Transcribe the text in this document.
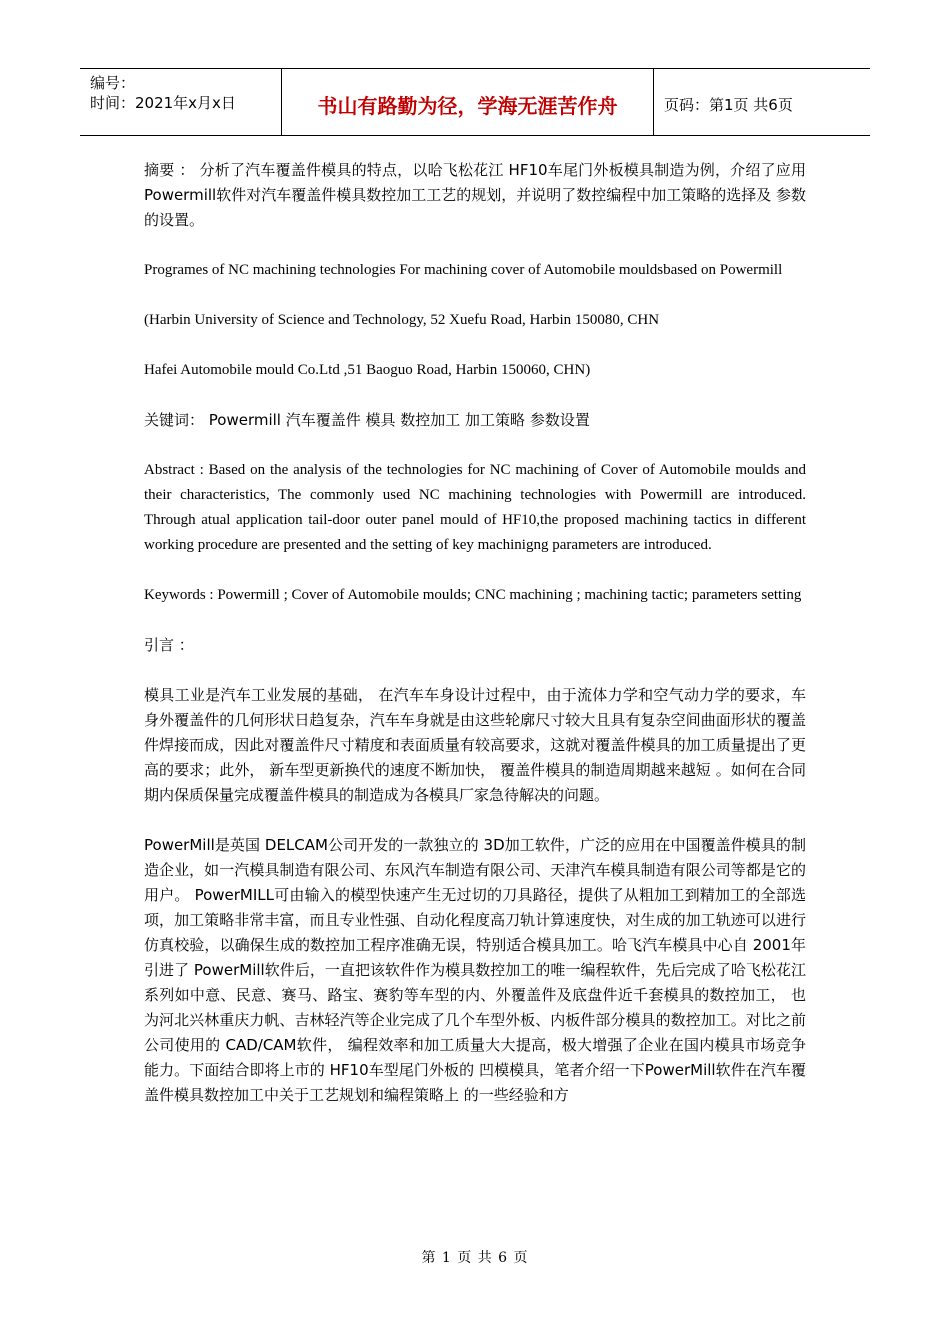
编号：
时间：2021年x月x日	书山有路勤为径，学海无涯苦作舟	页码：第1页 共6页

摘要 ： 分析了汽车覆盖件模具的特点，以哈飞松花江 HF10车尾门外板模具制造为例，介绍了应用 Powermill软件对汽车覆盖件模具数控加工工艺的规划，并说明了数控编程中加工策略的选择及 参数的设置。

Programes of NC machining technologies For machining cover of Automobile mouldsbased on Powermill

(Harbin University of Science and Technology, 52 Xuefu Road, Harbin 150080, CHN

Hafei Automobile mould Co.Ltd ,51 Baoguo Road, Harbin 150060, CHN)

关键词： Powermill 汽车覆盖件 模具 数控加工 加工策略 参数设置

Abstract : Based on the analysis of the technologies for NC machining of Cover of Automobile moulds and their characteristics, The commonly used NC machining technologies with Powermill are introduced. Through atual application tail-door outer panel mould of HF10,the proposed machining tactics in different working procedure are presented and the setting of key machinigng parameters are introduced.

Keywords : Powermill ; Cover of Automobile moulds; CNC machining ; machining tactic; parameters setting

引言 ：

模具工业是汽车工业发展的基础， 在汽车车身设计过程中，由于流体力学和空气动力学的要求，车身外覆盖件的几何形状日趋复杂，汽车车身就是由这些轮廓尺寸较大且具有复杂空间曲面形状的覆盖件焊接而成，因此对覆盖件尺寸精度和表面质量有较高要求，这就对覆盖件模具的加工质量提出了更高的要求；此外， 新车型更新换代的速度不断加快， 覆盖件模具的制造周期越来越短 。如何在合同期内保质保量完成覆盖件模具的制造成为各模具厂家急待解决的问题。

PowerMill是英国 DELCAM公司开发的一款独立的 3D加工软件，广泛的应用在中国覆盖件模具的制造企业，如一汽模具制造有限公司、东风汽车制造有限公司、天津汽车模具制造有限公司等都是它的用户。 PowerMILL可由输入的模型快速产生无过切的刀具路径，提供了从粗加工到精加工的全部选项，加工策略非常丰富，而且专业性强、自动化程度高刀轨计算速度快，对生成的加工轨迹可以进行仿真校验，以确保生成的数控加工程序准确无误，特别适合模具加工。哈飞汽车模具中心自 2001年引进了 PowerMill软件后，一直把该软件作为模具数控加工的唯一编程软件，先后完成了哈飞松花江系列如中意、民意、赛马、路宝、赛豹等车型的内、外覆盖件及底盘件近千套模具的数控加工， 也为河北兴林重庆力帆、吉林轻汽等企业完成了几个车型外板、内板件部分模具的数控加工。对比之前公司使用的 CAD/CAM软件， 编程效率和加工质量大大提高，极大增强了企业在国内模具市场竞争能力。下面结合即将上市的 HF10车型尾门外板的 凹模模具，笔者介绍一下PowerMill软件在汽车覆盖件模具数控加工中关于工艺规划和编程策略上 的一些经验和方

第 1 页 共 6 页
